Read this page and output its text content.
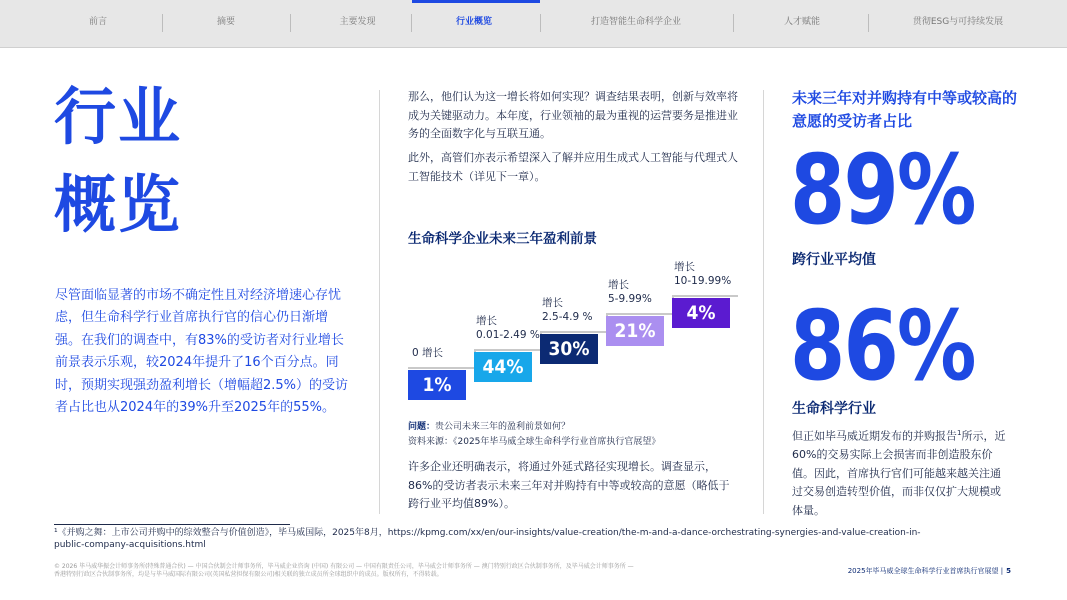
前言	摘要	主要发现	行业概览	打造智能生命科学企业	人才赋能	贯彻ESG与可持续发展
行业
概览
尽管面临显著的市场不确定性且对经济增速心存忧虑，但生命科学行业首席执行官的信心仍日渐增强。在我们的调查中，有83%的受访者对行业增长前景表示乐观，较2024年提升了16个百分点。同时，预期实现强劲盈利增长（增幅超2.5%）的受访者占比也从2024年的39%升至2025年的55%。
那么，他们认为这一增长将如何实现？调查结果表明，创新与效率将成为关键驱动力。本年度，行业领袖的最为重视的运营要务是推进业务的全面数字化与互联互通。
此外，高管们亦表示希望深入了解并应用生成式人工智能与代理式人工智能技术（详见下一章）。
生命科学企业未来三年盈利前景
1%
0 增长
44%
增长
0.01-2.49 %
30%
增长
2.5-4.9 %
21%
增长
5-9.99%
4%
增长
10-19.99%
问题：贵公司未来三年的盈利前景如何？
资料来源：《2025年毕马威全球生命科学行业首席执行官展望》
许多企业还明确表示，将通过外延式路径实现增长。调查显示，86%的受访者表示未来三年对并购持有中等或较高的意愿（略低于跨行业平均值89%）。
未来三年对并购持有中等或较高的意愿的受访者占比
89%
跨行业平均值
86%
生命科学行业
但正如毕马威近期发布的并购报告$^1$所示，近60%的交易实际上会损害而非创造股东价值。因此，首席执行官们可能越来越关注通过交易创造转型价值，而非仅仅扩大规模或体量。
¹《并购之舞：上市公司并购中的综效整合与价值创造》，毕马威国际，2025年8月，https://kpmg.com/xx/en/our-insights/value-creation/the-m-and-a-dance-orchestrating-synergies-and-value-creation-in-public-company-acquisitions.html
© 2026 毕马威华振会计师事务所(特殊普通合伙) — 中国合伙制会计师事务所，毕马威企业咨询 (中国) 有限公司 — 中国有限责任公司，毕马威会计师事务所 — 澳门特别行政区合伙制事务所，及毕马威会计师事务所 — 香港特别行政区合伙制事务所，均是与毕马威国际有限公司(英国私营担保有限公司)相关联的独立成员所全球组织中的成员。版权所有，不得转载。	2025年毕马威全球生命科学行业首席执行官展望 | 5
